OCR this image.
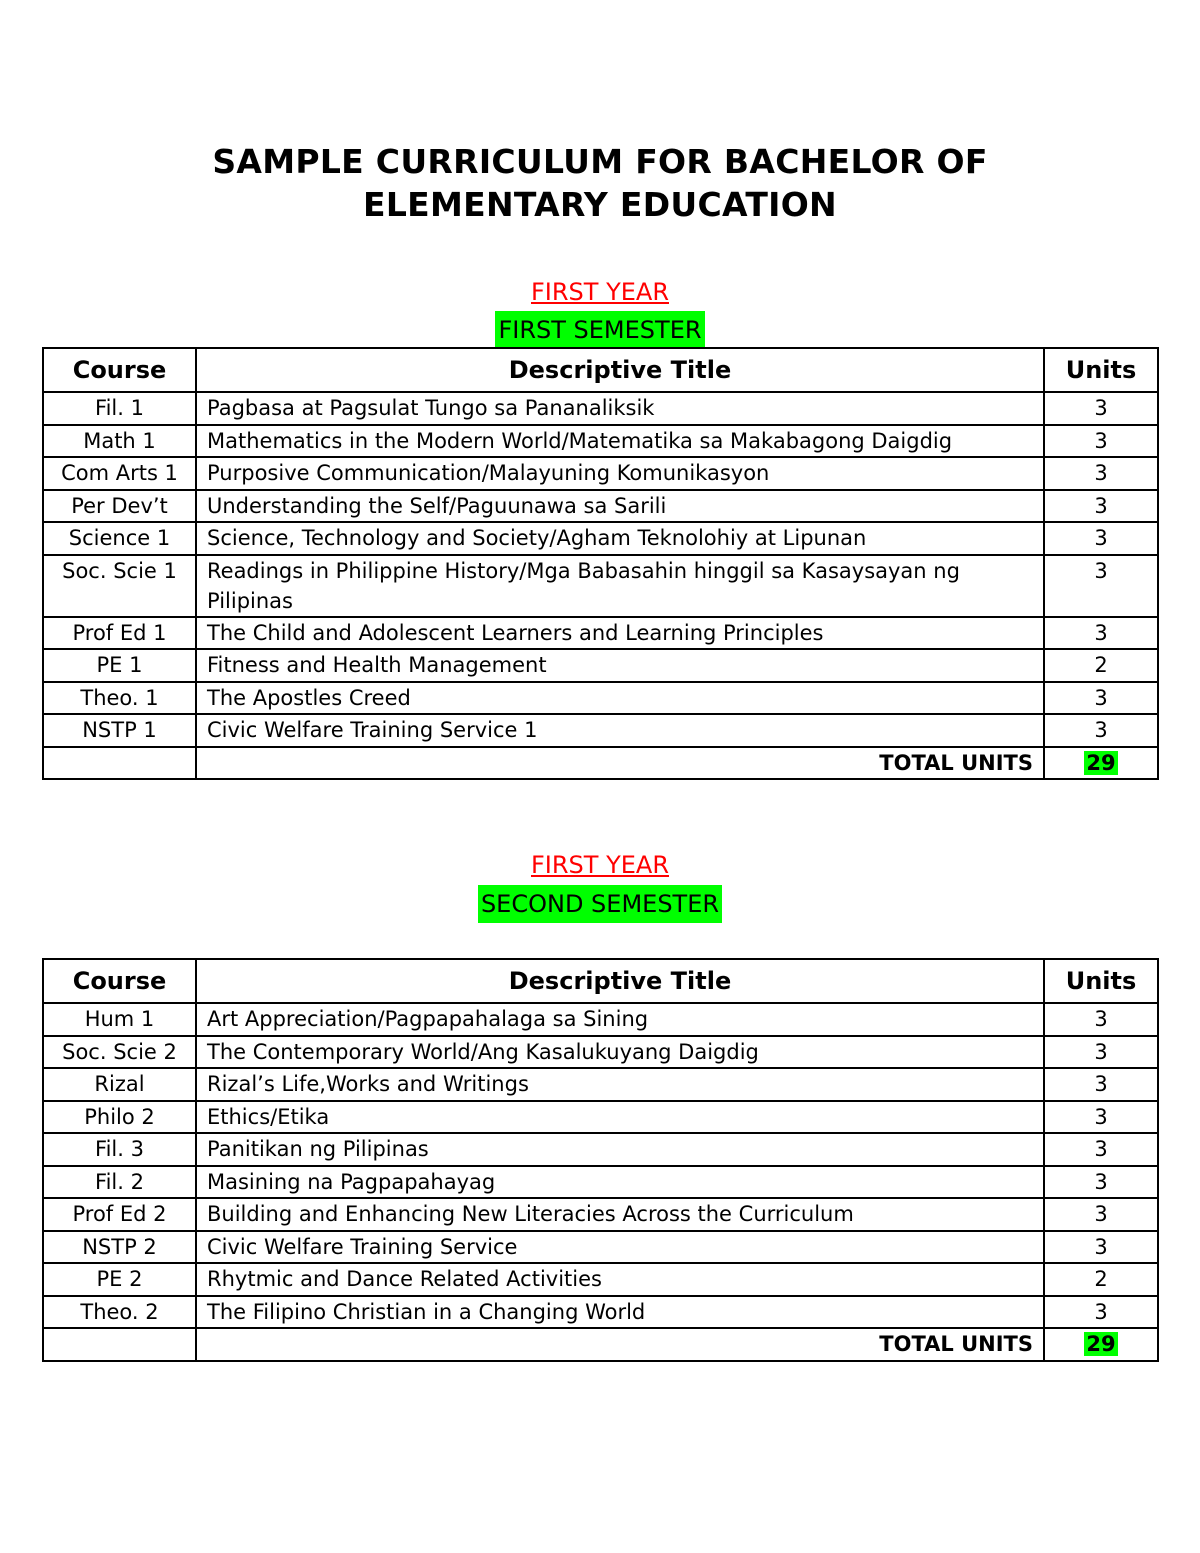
SAMPLE CURRICULUM FOR BACHELOR OF
ELEMENTARY EDUCATION
FIRST YEAR
FIRST SEMESTER
Course	Descriptive Title	Units
Fil. 1	Pagbasa at Pagsulat Tungo sa Pananaliksik	3
Math 1	Mathematics in the Modern World/Matematika sa Makabagong Daigdig	3
Com Arts 1	Purposive Communication/Malayuning Komunikasyon	3
Per Dev’t	Understanding the Self/Paguunawa sa Sarili	3
Science 1	Science, Technology and Society/Agham Teknolohiy at Lipunan	3
Soc. Scie 1	Readings in Philippine History/Mga Babasahin hinggil sa Kasaysayan ng Pilipinas	3
Prof Ed 1	The Child and Adolescent Learners and Learning Principles	3
PE 1	Fitness and Health Management	2
Theo. 1	The Apostles Creed	3
NSTP 1	Civic Welfare Training Service 1	3
	TOTAL UNITS	29
FIRST YEAR
SECOND SEMESTER
Course	Descriptive Title	Units
Hum 1	Art Appreciation/Pagpapahalaga sa Sining	3
Soc. Scie 2	The Contemporary World/Ang Kasalukuyang Daigdig	3
Rizal	Rizal’s Life,Works and Writings	3
Philo 2	Ethics/Etika	3
Fil. 3	Panitikan ng Pilipinas	3
Fil. 2	Masining na Pagpapahayag	3
Prof Ed 2	Building and Enhancing New Literacies Across the Curriculum	3
NSTP 2	Civic Welfare Training Service	3
PE 2	Rhytmic and Dance Related Activities	2
Theo. 2	The Filipino Christian in a Changing World	3
	TOTAL UNITS	29
